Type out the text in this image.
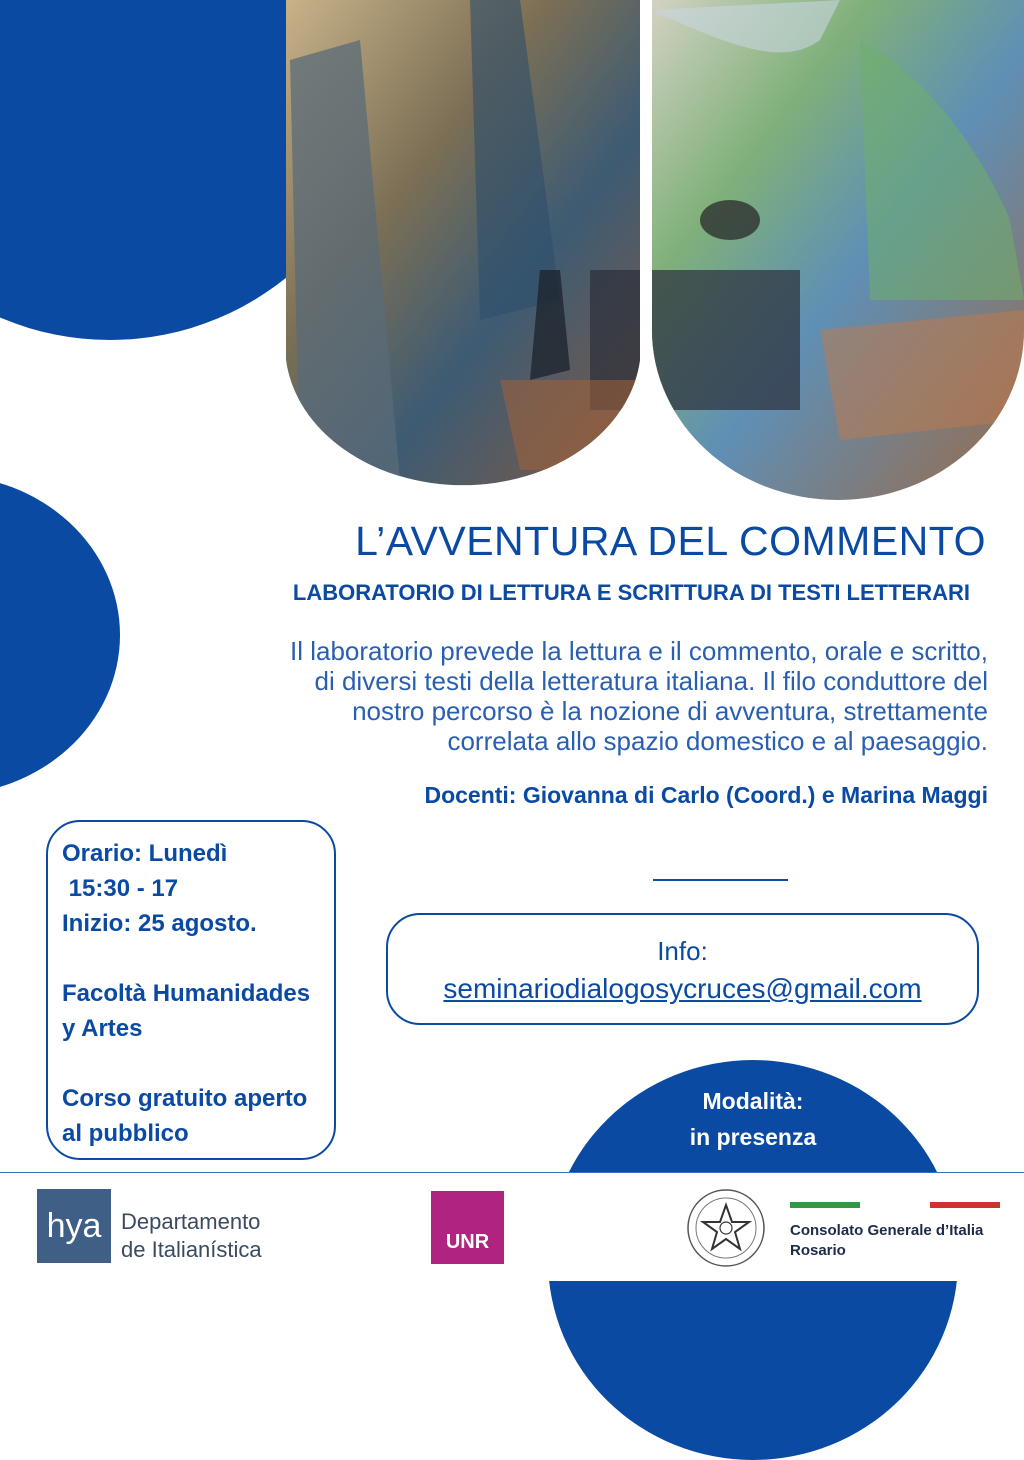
L’AVVENTURA DEL COMMENTO
LABORATORIO DI LETTURA E SCRITTURA DI TESTI LETTERARI
Il laboratorio prevede la lettura e il commento, orale e scritto,
di diversi testi della letteratura italiana. Il filo conduttore del
nostro percorso è la nozione di avventura, strettamente
correlata allo spazio domestico e al paesaggio.
Docenti: Giovanna di Carlo (Coord.) e Marina Maggi
Orario: Lunedì
15:30 - 17
Inizio: 25 agosto.
Facoltà Humanidades
y Artes
Corso gratuito aperto
al pubblico
Info:
seminariodialogosycruces@gmail.com
Modalità:
in presenza
hya Departamento
de Italianística	UNR
Consolato Generale d’Italia
Rosario
